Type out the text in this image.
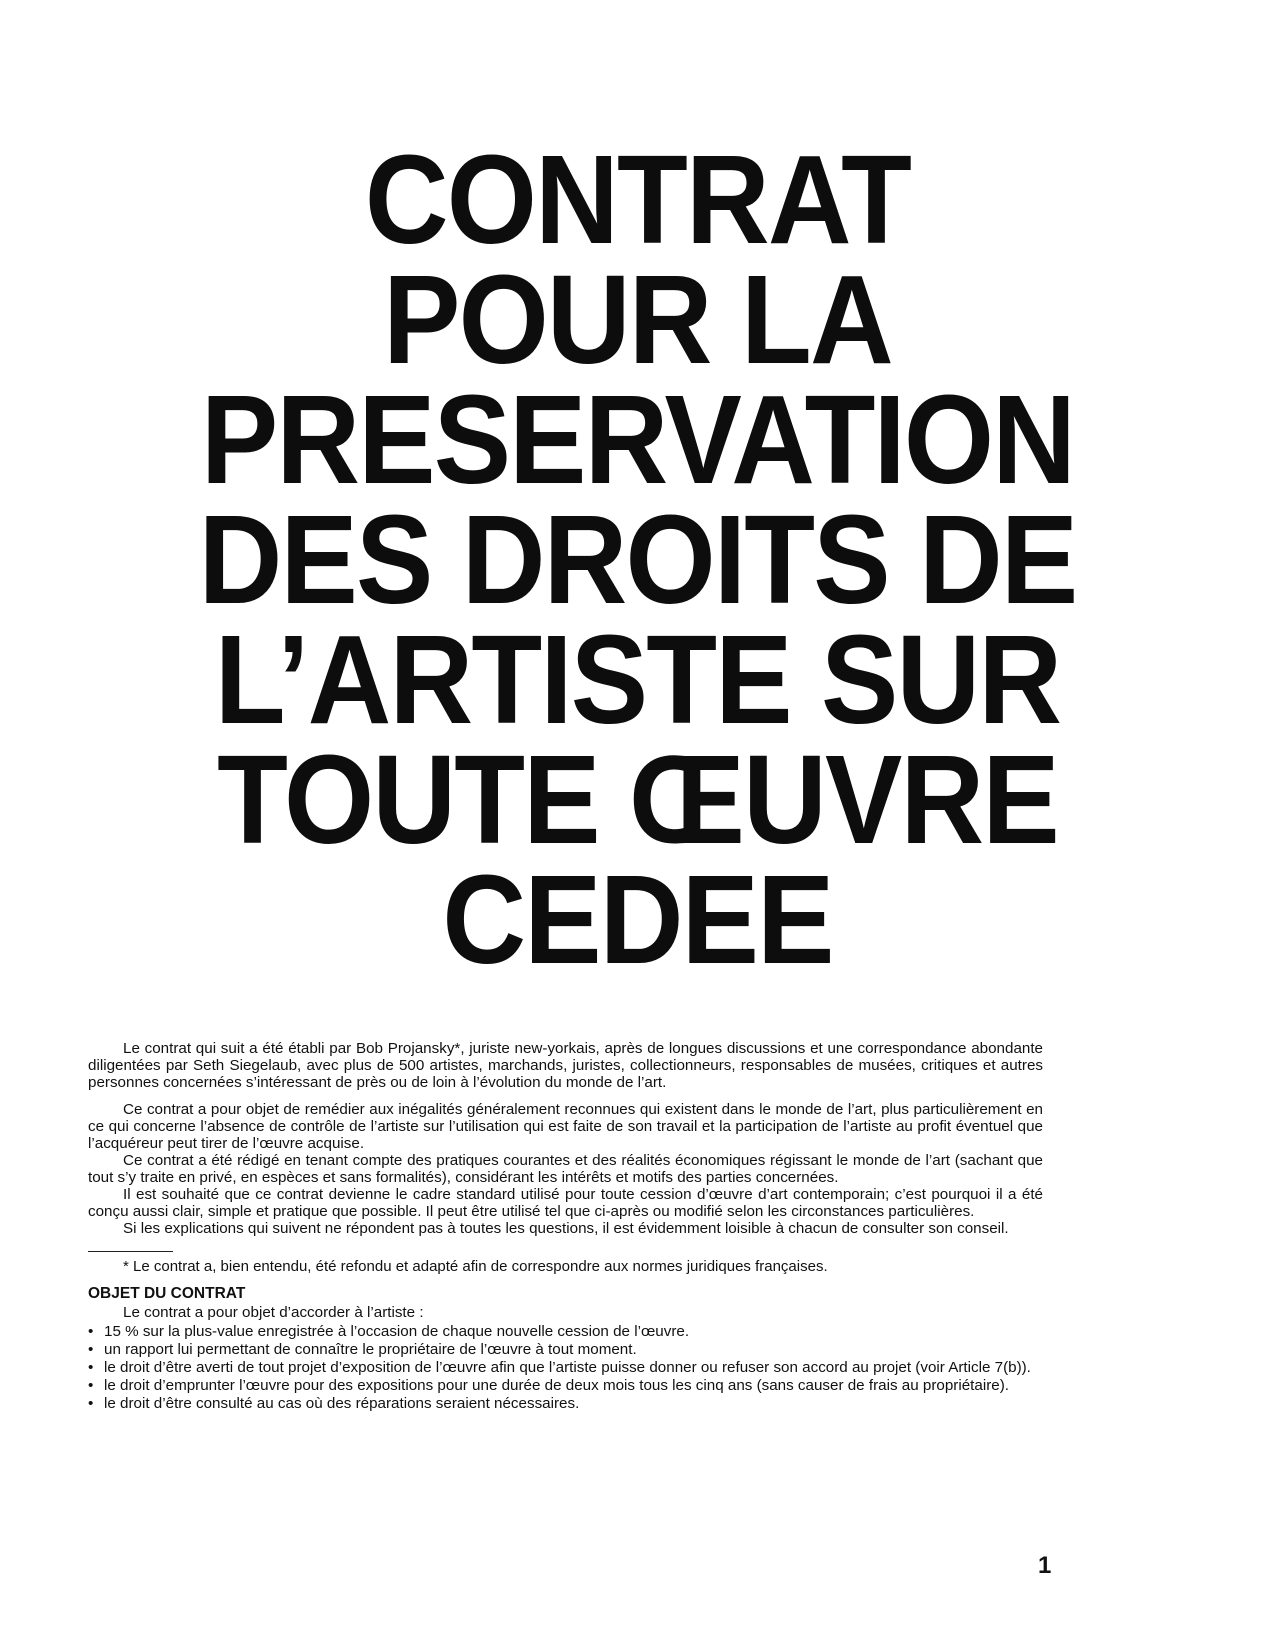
CONTRAT
POUR LA
PRESERVATION
DES DROITS DE
L’ARTISTE SUR
TOUTE ŒUVRE
CEDEE

Le contrat qui suit a été établi par Bob Projansky*, juriste new-yorkais, après de longues discussions et une correspondance abondante diligentées par Seth Siegelaub, avec plus de 500 artistes, marchands, juristes, collectionneurs, responsables de musées, critiques et autres personnes concernées s’intéressant de près ou de loin à l’évolution du monde de l’art.

Ce contrat a pour objet de remédier aux inégalités généralement reconnues qui existent dans le monde de l’art, plus particulièrement en ce qui concerne l’absence de contrôle de l’artiste sur l’utilisation qui est faite de son travail et la participation de l’artiste au profit éventuel que l’acquéreur peut tirer de l’œuvre acquise.

Ce contrat a été rédigé en tenant compte des pratiques courantes et des réalités économiques régissant le monde de l’art (sachant que tout s’y traite en privé, en espèces et sans formalités), considérant les intérêts et motifs des parties concernées.

Il est souhaité que ce contrat devienne le cadre standard utilisé pour toute cession d’œuvre d’art contemporain; c’est pourquoi il a été conçu aussi clair, simple et pratique que possible. Il peut être utilisé tel que ci-après ou modifié selon les circonstances particulières.

Si les explications qui suivent ne répondent pas à toutes les questions, il est évidemment loisible à chacun de consulter son conseil.

* Le contrat a, bien entendu, été refondu et adapté afin de correspondre aux normes juridiques françaises.

OBJET DU CONTRAT
Le contrat a pour objet d’accorder à l’artiste :
• 15 % sur la plus-value enregistrée à l’occasion de chaque nouvelle cession de l’œuvre.
• un rapport lui permettant de connaître le propriétaire de l’œuvre à tout moment.
• le droit d’être averti de tout projet d’exposition de l’œuvre afin que l’artiste puisse donner ou refuser son accord au projet (voir Article 7(b)).
• le droit d’emprunter l’œuvre pour des expositions pour une durée de deux mois tous les cinq ans (sans causer de frais au propriétaire).
• le droit d’être consulté au cas où des réparations seraient nécessaires.
1
